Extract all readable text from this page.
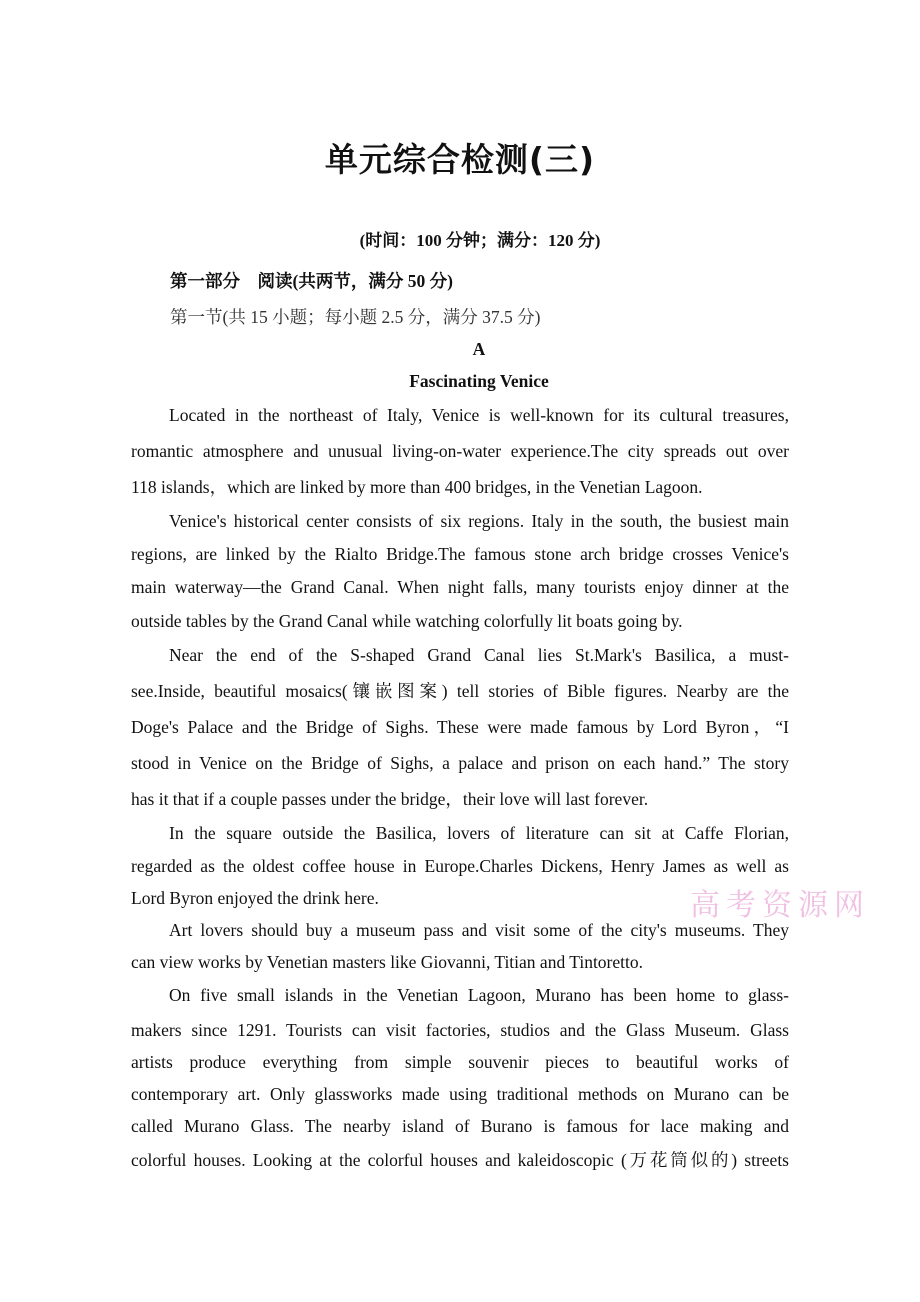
单元综合检测(三)
(时间：100 分钟；满分：120 分)
第一部分　阅读(共两节，满分 50 分)
第一节(共 15 小题；每小题 2.5 分，满分 37.5 分)
A
Fascinating Venice
高考资源网
Located in the northeast of Italy, Venice is well‐known for its cultural treasures,
romantic atmosphere and unusual living‐on‐water experience.The city spreads out over
118 islands，which are linked by more than 400 bridges, in the Venetian Lagoon.
Venice's historical center consists of six regions. Italy in the south, the busiest main
regions, are linked by the Rialto Bridge.The famous stone arch bridge crosses Venice's
main waterway—the Grand Canal. When night falls, many tourists enjoy dinner at the
outside tables by the Grand Canal while watching colorfully lit boats going by.
Near the end of the S‐shaped Grand Canal lies St.Mark's Basilica, a must‐
see.Inside, beautiful mosaics(镶嵌图案) tell stories of Bible figures. Nearby are the
Doge's Palace and the Bridge of Sighs. These were made famous by Lord Byron，“I
stood in Venice on the Bridge of Sighs, a palace and prison on each hand.” The story
has it that if a couple passes under the bridge，their love will last forever.
In the square outside the Basilica, lovers of literature can sit at Caffe Florian,
regarded as the oldest coffee house in Europe.Charles Dickens, Henry James as well as
Lord Byron enjoyed the drink here.
Art lovers should buy a museum pass and visit some of the city's museums. They
can view works by Venetian masters like Giovanni, Titian and Tintoretto.
On five small islands in the Venetian Lagoon, Murano has been home to glass‐
makers since 1291. Tourists can visit factories, studios and the Glass Museum. Glass
artists produce everything from simple souvenir pieces to beautiful works of
contemporary art. Only glassworks made using traditional methods on Murano can be
called Murano Glass. The nearby island of Burano is famous for lace making and
colorful houses. Looking at the colorful houses and kaleidoscopic (万花筒似的) streets
